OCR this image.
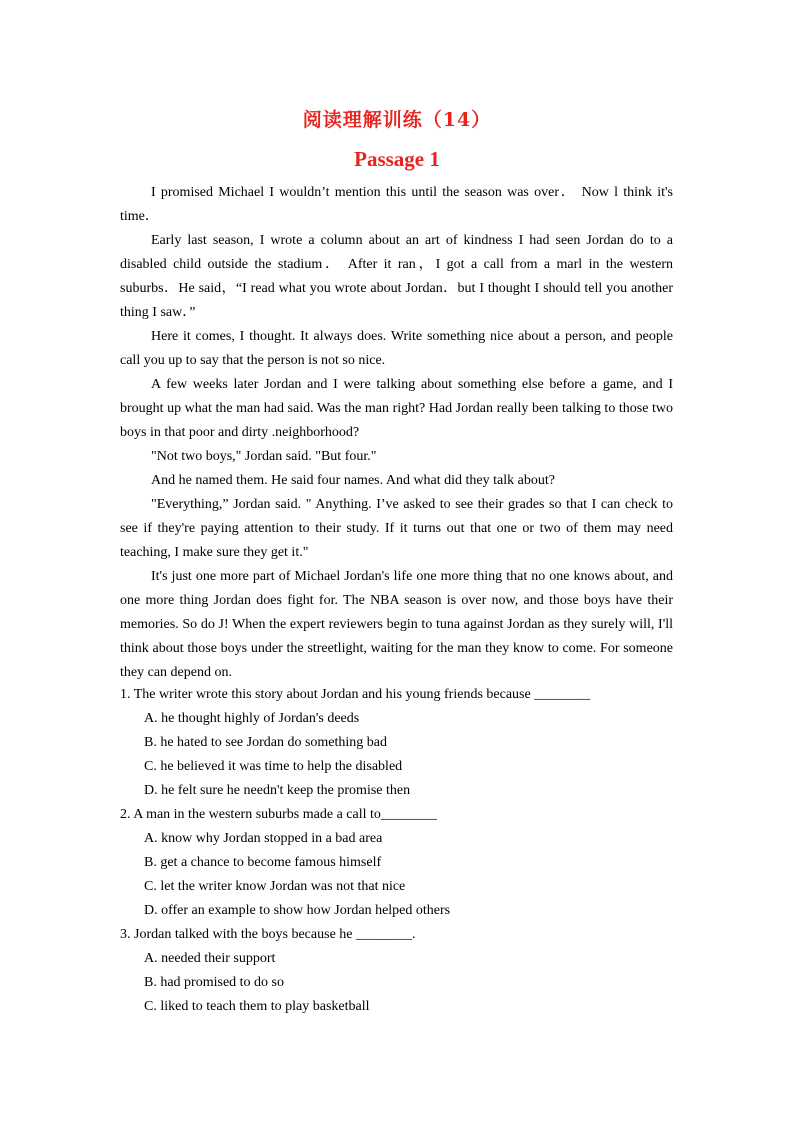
阅读理解训练（14）
Passage 1

I promised Michael I wouldn’t mention this until the season was over． Now l think it's time．

Early last season, I wrote a column about an art of kindness I had seen Jordan do to a disabled child outside the stadium． After it ran，I got a call from a marl in the western suburbs．He said，“I read what you wrote about Jordan．but I thought I should tell you another thing I saw．”

Here it comes, I thought. It always does. Write something nice about a person, and people call you up to say that the person is not so nice.

A few weeks later Jordan and I were talking about something else before a game, and I brought up what the man had said. Was the man right? Had Jordan really been talking to those two boys in that poor and dirty .neighborhood?

"Not two boys," Jordan said. "But four."

And he named them. He said four names. And what did they talk about?

"Everything,” Jordan said. " Anything. I’ve asked to see their grades so that I can check to see if they're paying attention to their study. If it turns out that one or two of them may need teaching, I make sure they get it."

It's just one more part of Michael Jordan's life one more thing that no one knows about, and one more thing Jordan does fight for. The NBA season is over now, and those boys have their memories. So do J! When the expert reviewers begin to tuna against Jordan as they surely will, I'll think about those boys under the streetlight, waiting for the man they know to come. For someone they can depend on.

1. The writer wrote this story about Jordan and his young friends because ________

A. he thought highly of Jordan's deeds

B. he hated to see Jordan do something bad

C. he believed it was time to help the disabled

D. he felt sure he needn't keep the promise then

2. A man in the western suburbs made a call to________

A. know why Jordan stopped in a bad area

B. get a chance to become famous himself

C. let the writer know Jordan was not that nice

D. offer an example to show how Jordan helped others

3. Jordan talked with the boys because he ________.

A. needed their support

B. had promised to do so

C. liked to teach them to play basketball
